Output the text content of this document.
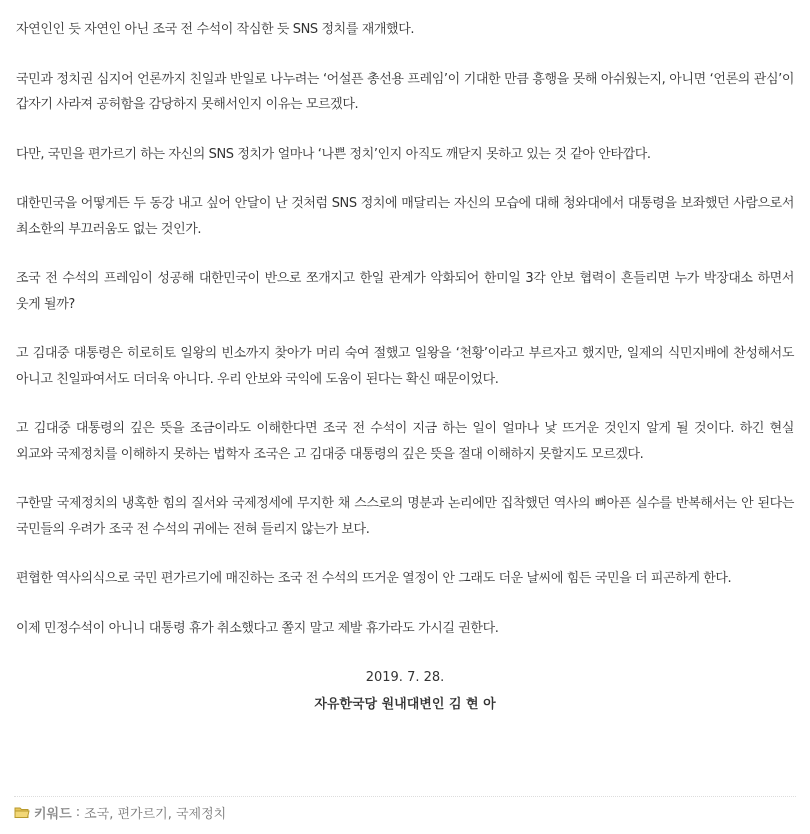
자연인인 듯 자연인 아닌 조국 전 수석이 작심한 듯 SNS 정치를 재개했다.

국민과 정치권 심지어 언론까지 친일과 반일로 나누려는 ‘어설픈 총선용 프레임’이 기대한 만큼 흥행을 못해 아쉬웠는지, 아니면 ‘언론의 관심’이 갑자기 사라져 공허함을 감당하지 못해서인지 이유는 모르겠다.

다만, 국민을 편가르기 하는 자신의 SNS 정치가 얼마나 ‘나쁜 정치’인지 아직도 깨닫지 못하고 있는 것 같아 안타깝다.

대한민국을 어떻게든 두 동강 내고 싶어 안달이 난 것처럼 SNS 정치에 매달리는 자신의 모습에 대해 청와대에서 대통령을 보좌했던 사람으로서 최소한의 부끄러움도 없는 것인가.

조국 전 수석의 프레임이 성공해 대한민국이 반으로 쪼개지고 한일 관계가 악화되어 한미일 3각 안보 협력이 흔들리면 누가 박장대소 하면서 웃게 될까?

고 김대중 대통령은 히로히토 일왕의 빈소까지 찾아가 머리 숙여 절했고 일왕을 ‘천황’이라고 부르자고 했지만, 일제의 식민지배에 찬성해서도 아니고 친일파여서도 더더욱 아니다. 우리 안보와 국익에 도움이 된다는 확신 때문이었다.

고 김대중 대통령의 깊은 뜻을 조금이라도 이해한다면 조국 전 수석이 지금 하는 일이 얼마나 낯 뜨거운 것인지 알게 될 것이다. 하긴 현실 외교와 국제정치를 이해하지 못하는 법학자 조국은 고 김대중 대통령의 깊은 뜻을 절대 이해하지 못할지도 모르겠다.

구한말 국제정치의 냉혹한 힘의 질서와 국제정세에 무지한 채 스스로의 명분과 논리에만 집착했던 역사의 뼈아픈 실수를 반복해서는 안 된다는 국민들의 우려가 조국 전 수석의 귀에는 전혀 들리지 않는가 보다.

편협한 역사의식으로 국민 편가르기에 매진하는 조국 전 수석의 뜨거운 열정이 안 그래도 더운 날씨에 힘든 국민을 더 피곤하게 한다.

이제 민정수석이 아니니 대통령 휴가 취소했다고 쫄지 말고 제발 휴가라도 가시길 권한다.

2019. 7. 28.
자유한국당 원내대변인 김 현 아
키워드 : 조국 , 편가르기 , 국제정치
